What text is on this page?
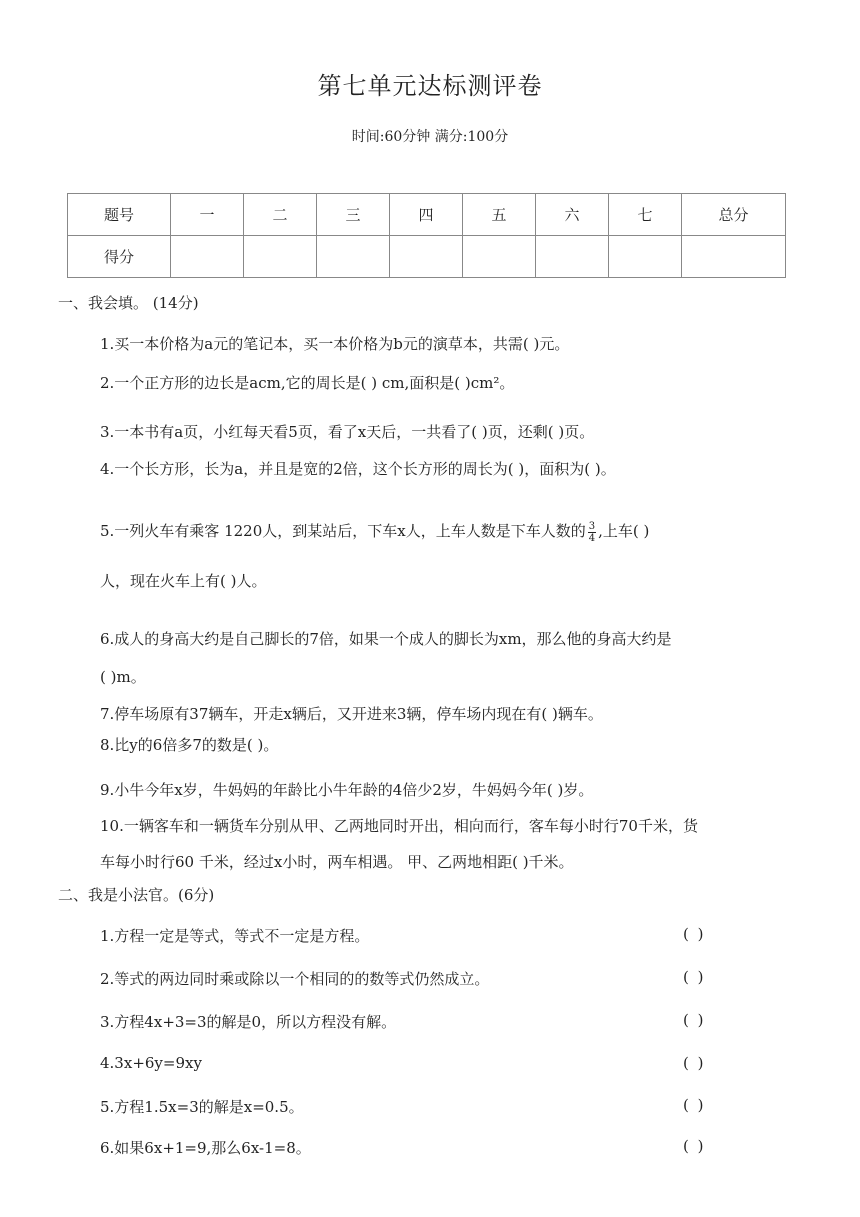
第七单元达标测评卷
时间:60分钟 满分:100分
题号	一	二	三	四	五	六	七	总分
得分								
一、我会填。 (14分)
1.买一本价格为a元的笔记本，买一本价格为b元的演草本，共需( )元。
2.一个正方形的边长是acm,它的周长是( ) cm,面积是( )cm²。
3.一本书有a页，小红每天看5页，看了x天后，一共看了( )页，还剩( )页。
4.一个长方形，长为a，并且是宽的2倍，这个长方形的周长为( )，面积为( )。
5.一列火车有乘客 1220人，到某站后，下车x人，上车人数是下车人数的 $\frac{3}{4}$ ,上车( )
人，现在火车上有( )人。
6.成人的身高大约是自己脚长的7倍，如果一个成人的脚长为xm，那么他的身高大约是
( )m。
7.停车场原有37辆车，开走x辆后，又开进来3辆，停车场内现在有( )辆车。
8.比y的6倍多7的数是( )。
9.小牛今年x岁，牛妈妈的年龄比小牛年龄的4倍少2岁，牛妈妈今年( )岁。
10.一辆客车和一辆货车分别从甲、乙两地同时开出，相向而行，客车每小时行70千米，货
车每小时行60 千米，经过x小时，两车相遇。 甲、乙两地相距( )千米。
二、我是小法官。(6分)
1.方程一定是等式，等式不一定是方程。	( )
2.等式的两边同时乘或除以一个相同的的数等式仍然成立。	( )
3.方程4x+3=3的解是0，所以方程没有解。	( )
4.3x+6y=9xy	( )
5.方程1.5x=3的解是x=0.5。	( )
6.如果6x+1=9,那么6x-1=8。	( )
